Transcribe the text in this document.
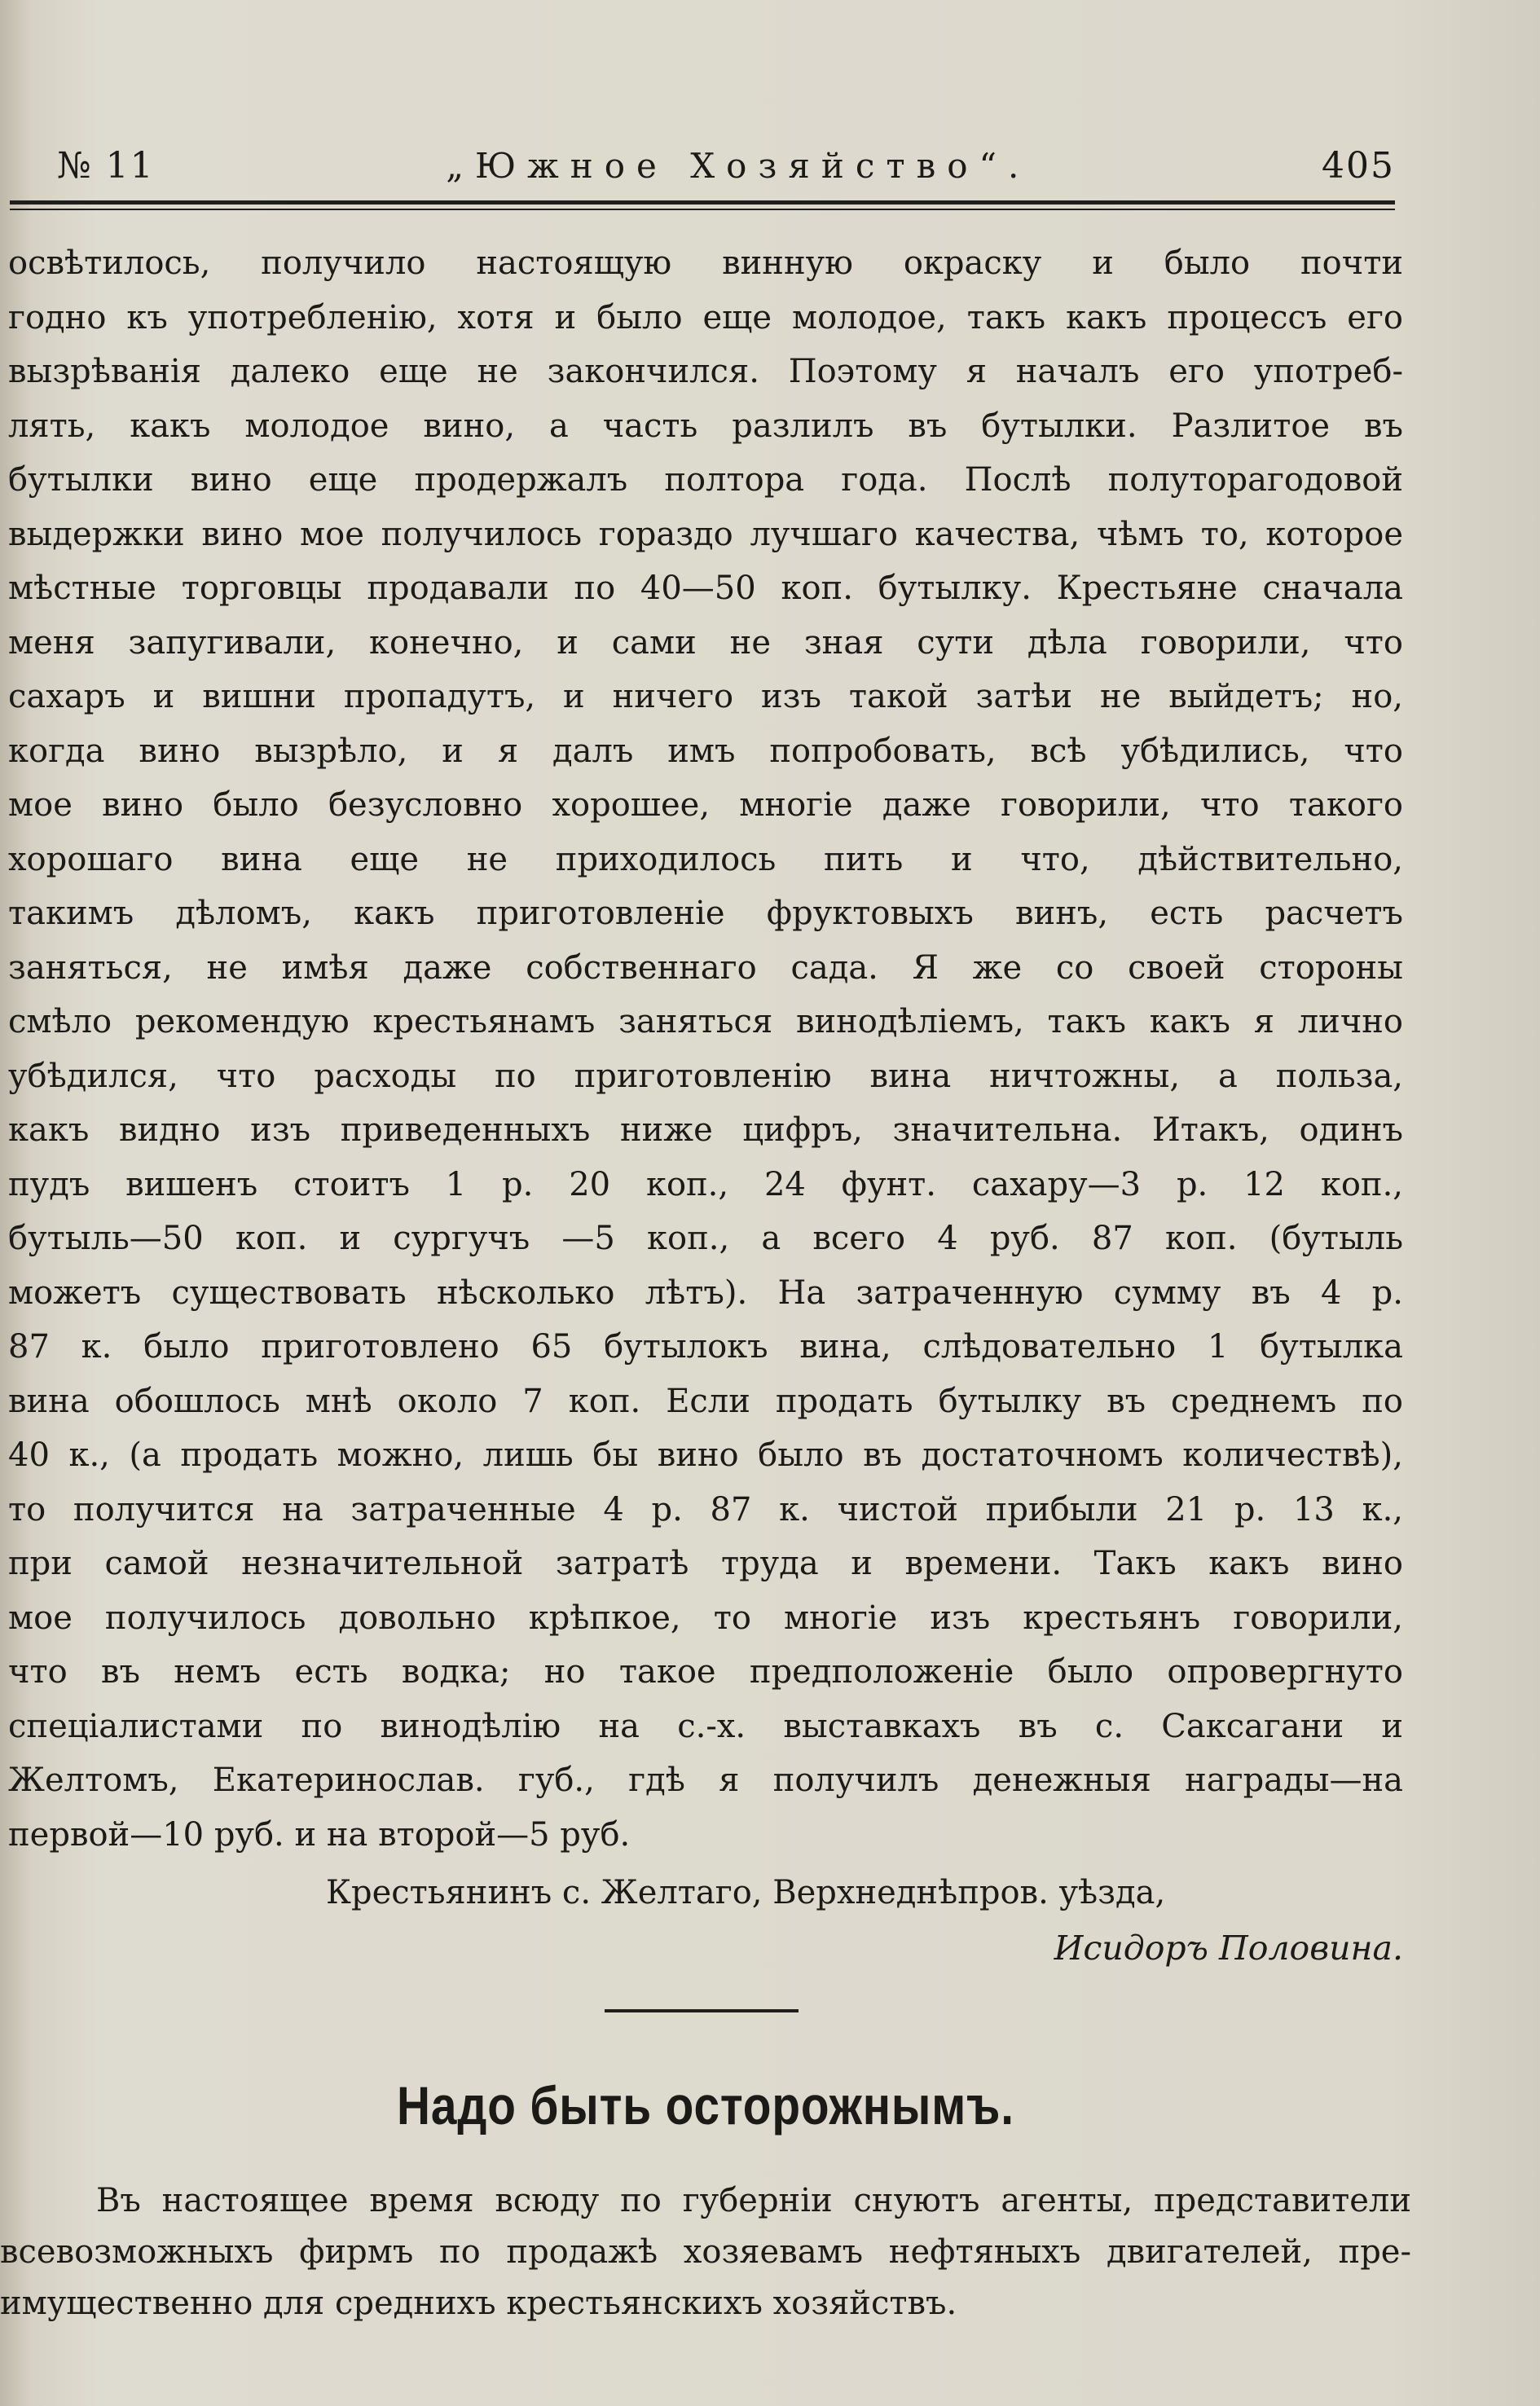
№ 11	„Южное Хозяйство“.	405
освѣтилось, получило настоящую винную окраску и было почти
годно къ употребленію, хотя и было еще молодое, такъ какъ процессъ его
вызрѣванія далеко еще не закончился. Поэтому я началъ его употреб-
лять, какъ молодое вино, а часть разлилъ въ бутылки. Разлитое въ
бутылки вино еще продержалъ полтора года. Послѣ полуторагодовой
выдержки вино мое получилось гораздо лучшаго качества, чѣмъ то, которое
мѣстные торговцы продавали по 40—50 коп. бутылку. Крестьяне сначала
меня запугивали, конечно, и сами не зная сути дѣла говорили, что
сахаръ и вишни пропадутъ, и ничего изъ такой затѣи не выйдетъ; но,
когда вино вызрѣло, и я далъ имъ попробовать, всѣ убѣдились, что
мое вино было безусловно хорошее, многіе даже говорили, что такого
хорошаго вина еще не приходилось пить и что, дѣйствительно,
такимъ дѣломъ, какъ приготовленіе фруктовыхъ винъ, есть расчетъ
заняться, не имѣя даже собственнаго сада. Я же со своей стороны
смѣло рекомендую крестьянамъ заняться винодѣліемъ, такъ какъ я лично
убѣдился, что расходы по приготовленію вина ничтожны, а польза,
какъ видно изъ приведенныхъ ниже цифръ, значительна. Итакъ, одинъ
пудъ вишенъ стоитъ 1 р. 20 коп., 24 фунт. сахару—3 р. 12 коп.,
бутыль—50 коп. и сургучъ —5 коп., а всего 4 руб. 87 коп. (бутыль
можетъ существовать нѣсколько лѣтъ). На затраченную сумму въ 4 р.
87 к. было приготовлено 65 бутылокъ вина, слѣдовательно 1 бутылка
вина обошлось мнѣ около 7 коп. Если продать бутылку въ среднемъ по
40 к., (а продать можно, лишь бы вино было въ достаточномъ количествѣ),
то получится на затраченные 4 р. 87 к. чистой прибыли 21 р. 13 к.,
при самой незначительной затратѣ труда и времени. Такъ какъ вино
мое получилось довольно крѣпкое, то многіе изъ крестьянъ говорили,
что въ немъ есть водка; но такое предположеніе было опровергнуто
спеціалистами по винодѣлію на с.-х. выставкахъ въ с. Саксагани и
Желтомъ, Екатеринослав. губ., гдѣ я получилъ денежныя награды—на
первой—10 руб. и на второй—5 руб.
Крестьянинъ с. Желтаго, Верхнеднѣпров. уѣзда,
Исидоръ Половина.
Надо быть осторожнымъ.
Въ настоящее время всюду по губерніи снуютъ агенты, представители
всевозможныхъ фирмъ по продажѣ хозяевамъ нефтяныхъ двигателей, пре-
имущественно для среднихъ крестьянскихъ хозяйствъ.
